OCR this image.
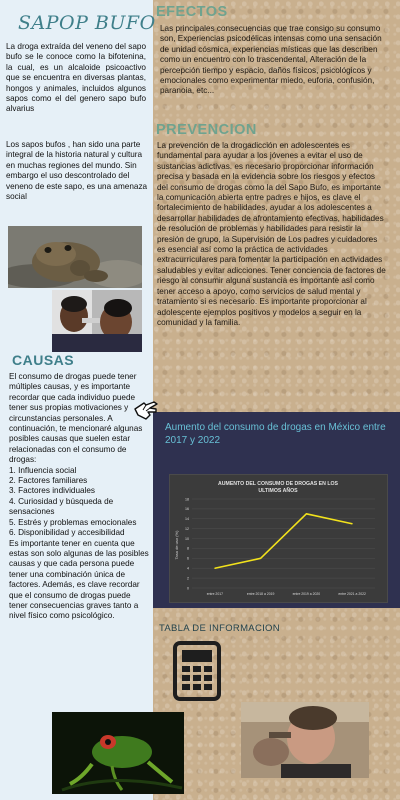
SAPOP BUFO
La droga extraída del veneno del sapo bufo se le conoce como la bifotenina, la cual, es un alcaloide psicoactivo que se encuentra en diversas plantas, hongos y animales, incluidos algunos sapos como el del genero sapo bufo alvarius
Los sapos bufos , han sido una parte integral de la historia natural y cultura en muchas regiones del mundo. Sin embargo el uso descontrolado del veneno de este sapo, es una amenaza social
CAUSAS
El consumo de drogas puede tener múltiples causas, y es importante recordar que cada individuo puede tener sus propias motivaciones y circunstancias personales. A continuación, te mencionaré algunas posibles causas que suelen estar relacionadas con el consumo de drogas:
1. Influencia social
2. Factores familiares
3. Factores individuales
4. Curiosidad y búsqueda de sensaciones
5. Estrés y problemas emocionales
6. Disponibilidad y accesibilidad
Es importante tener en cuenta que estas son solo algunas de las posibles causas y que cada persona puede tener una combinación única de factores. Además, es clave recordar que el consumo de drogas puede tener consecuencias graves tanto a nivel físico como psicológico.
EFECTOS
Las principales consecuencias que trae consigo su consumo son, Experiencias psicodélicas intensas como una sensación de unidad cósmica, experiencias místicas que las describen como un encuentro con lo trascendental, Alteración de la percepción tiempo y espacio, daños físicos, psicológicos y emocionales como experimentar miedo, euforia, confusión, paranoia, etc...
PREVENCION
La prevención de la drogadicción en adolescentes es fundamental para ayudar a los jóvenes a evitar el uso de sustancias adictivas. es necesario proporcionar información precisa y basada en la evidencia sobre los riesgos y efectos del consumo de drogas como la del Sapo Bufo, es importante la comunicación abierta entre padres e hijos, es clave el fortalecimiento de habilidades, ayudar a los adolescentes a desarrollar habilidades de afrontamiento efectivas, habilidades de resolución de problemas y habilidades para resistir la presión de grupo, la Supervisión de Los padres y cuidadores es esencial así como la práctica de actividades extracurriculares para fomentar la participación en actividades saludables y evitar adicciones. Tener conciencia de factores de riesgo al consumir alguna sustancia es importante así como tener acceso a apoyo, como servicios de salud mental y tratamiento si es necesario. Es importante proporcionar al adolescente ejemplos positivos y modelos a seguir en la comunidad y la familia.
Aumento del consumo de drogas en México entre 2017 y 2022
AUMENTO DEL CONSUMO DE DROGAS EN LOS
Tasa de uso (%)
0
2
4
6
8
10
12
14
16
18
entre 2017	entre 2018 a 2019	entre 2019 a 2020	entre 2021 a 2022
ULTIMOS AÑOS
TABLA DE INFORMACION
